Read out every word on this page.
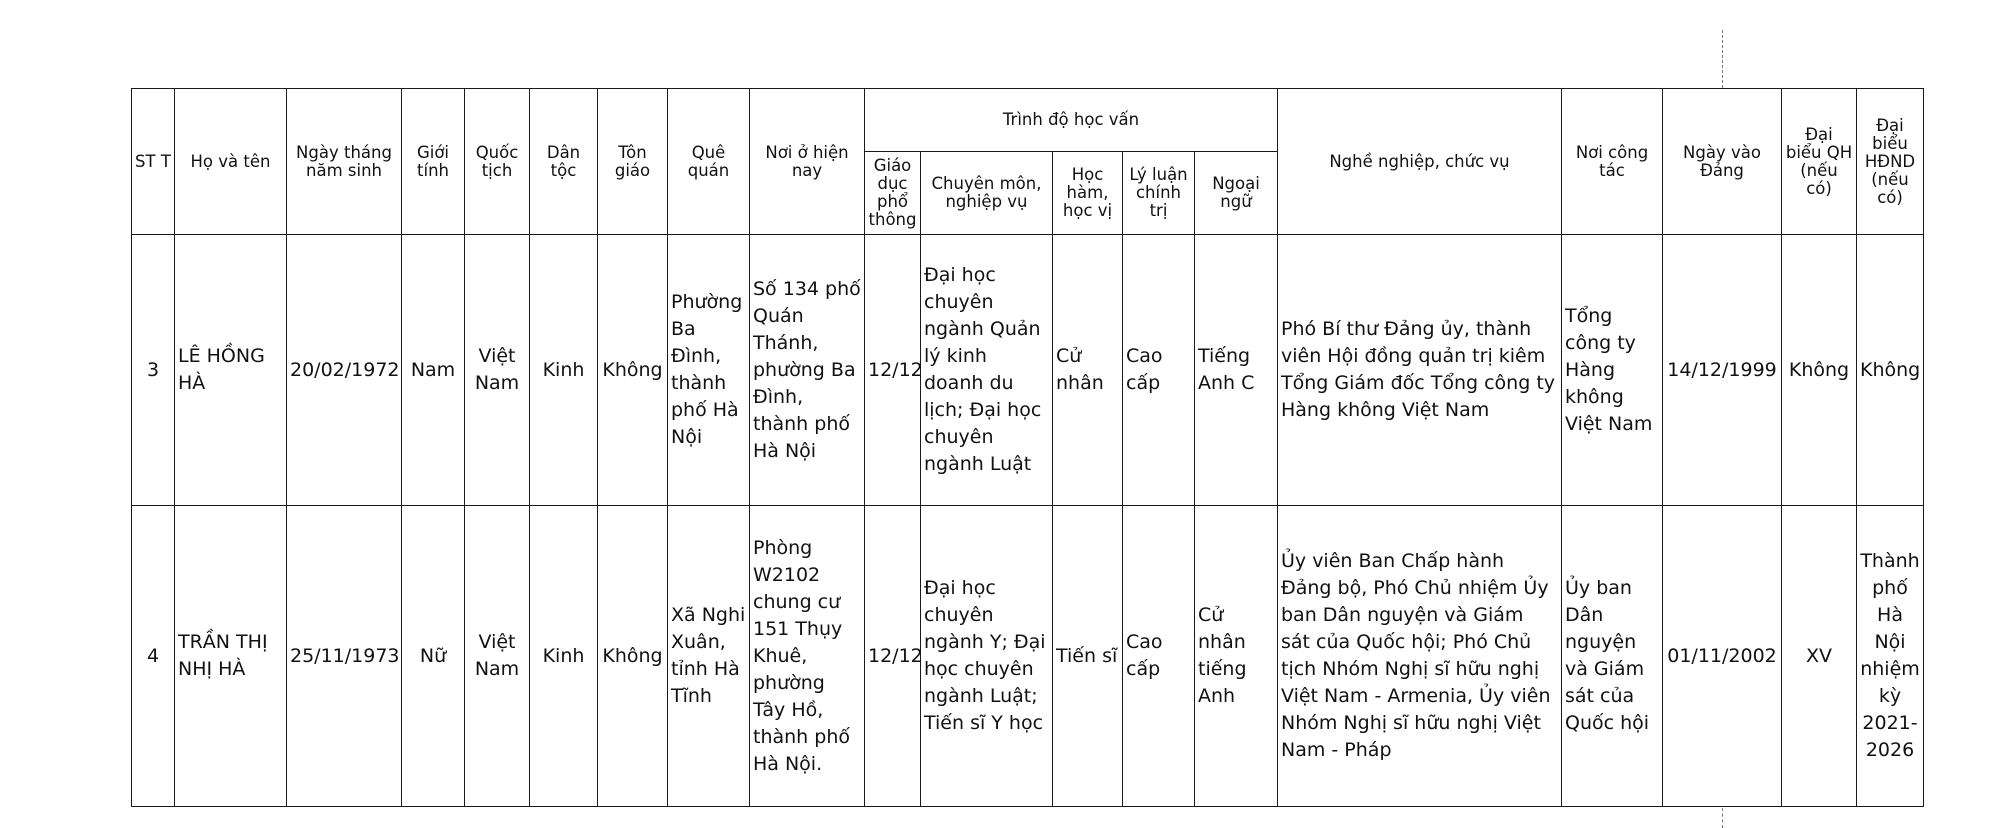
ST T	Họ và tên	Ngày tháng năm sinh	Giới tính	Quốc tịch	Dân tộc	Tôn giáo	Quê quán	Nơi ở hiện nay	Trình độ học vấn					Nghề nghiệp, chức vụ	Nơi công tác	Ngày vào Đảng	Đại biểu QH (nếu có)	Đại biểu HĐND (nếu có)
									Giáo dục phổ thông	Chuyên môn, nghiệp vụ	Học hàm, học vị	Lý luận chính trị	Ngoại ngữ					
3	LÊ HỒNG HÀ	20/02/1972	Nam	Việt Nam	Kinh	Không	Phường Ba Đình, thành phố Hà Nội	Số 134 phố Quán Thánh, phường Ba Đình, thành phố Hà Nội	12/12	Đại học chuyên ngành Quản lý kinh doanh du lịch; Đại học chuyên ngành Luật	Cử nhân	Cao cấp	Tiếng Anh C	Phó Bí thư Đảng ủy, thành viên Hội đồng quản trị kiêm Tổng Giám đốc Tổng công ty Hàng không Việt Nam	Tổng công ty Hàng không Việt Nam	14/12/1999	Không	Không
4	TRẦN THỊ NHỊ HÀ	25/11/1973	Nữ	Việt Nam	Kinh	Không	Xã Nghi Xuân, tỉnh Hà Tĩnh	Phòng W2102 chung cư 151 Thụy Khuê, phường Tây Hồ, thành phố Hà Nội.	12/12	Đại học chuyên ngành Y; Đại học chuyên ngành Luật; Tiến sĩ Y học	Tiến sĩ	Cao cấp	Cử nhân tiếng Anh	Ủy viên Ban Chấp hành Đảng bộ, Phó Chủ nhiệm Ủy ban Dân nguyện và Giám sát của Quốc hội; Phó Chủ tịch Nhóm Nghị sĩ hữu nghị Việt Nam - Armenia, Ủy viên Nhóm Nghị sĩ hữu nghị Việt Nam - Pháp	Ủy ban Dân nguyện và Giám sát của Quốc hội	01/11/2002	XV	Thành phố Hà Nội nhiệm kỳ 2021-2026
